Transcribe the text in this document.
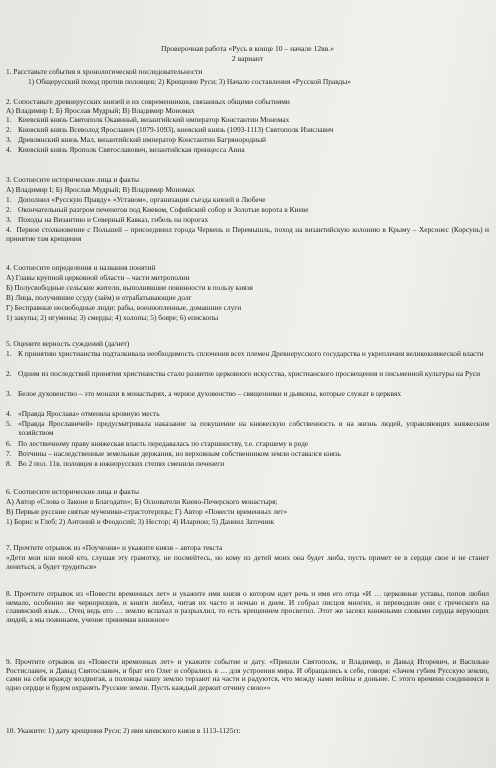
Проверочная работа «Русь в конце 10 – начале 12вв.»
2 вариант
1. Расставьте события в хронологической последовательности
1) Общерусский поход против половцев; 2) Крещение Руси; 3) Начало составления «Русской Правды»
2. Сопоставьте древнерусских князей и их современников, связанных общими событиями
А) Владимир I; Б) Ярослав Мудрый; В) Владимир Мономах
1. Киевский князь Святополк Окаянный, византийский император Константин Мономах
2. Киевский князь Всеволод Ярославич (1079-1093), киевский князь (1093-1113) Святополк Изяславич
3. Древлянский князь Мал, византийский император Константин Багрянородный
4. Киевский князь Ярополк Святославович, византийская принцесса Анна
3. Соотнесите исторические лица и факты
А) Владимир I; Б) Ярослав Мудрый; В) Владимир Мономах
1. Дополнил «Русскую Правду» «Уставом», организация съезда князей в Любече
2. Окончательный разгром печенегов под Киевом, Софийский собор и Золотые ворота в Киеве
3. Походы на Византию и Северный Кавказ, гибель на порогах
4. Первое столкновение с Польшей – присоединил города Червень и Перемышль, поход на византийскую колонию в Крыму – Херсонес (Корсунь) и принятие там крещения
4. Соотнесите определения и названия понятий
А) Главы крупной церковной области – части митрополии
Б) Полусвободные сельские жители, выполнявшие повинности в пользу князя
В) Лица, получившие ссуду (заём) и отрабатывающие долг
Г) Бесправные несвободные люди: рабы, военнопленные, домашние слуги
1) закупы; 2) игумены; 3) смерды; 4) холопы; 5) бояре; 6) епископы
5. Оцените верность суждений (да/нет)
1. К принятию христианства подталкивала необходимость сплочения всех племен Древнерусского государства и укрепления великокняжеской власти
2. Одним из последствий принятия христианства стало развитие церковного искусства, христианского просвещения и письменной культуры на Руси
3. Белое духовенство – это монахи в монастырях, а черное духовенство – священники и дьяконы, которые служат в церквях
4. «Правда Ярослава» отменяла кровную месть
5. «Правда Ярославичей» предусматривала наказание за покушение на княжескую собственность и на жизнь людей, управляющих княжеским хозяйством
6. По лествичному праву княжеская власть передавалась по старшинству, т.е. старшему в роде
7. Вотчины – наследственные земельные держания, но верховным собственником земли оставался князь
8. Во 2 пол. 11в. половцев в южнорусских степях сменили печенеги
6. Соотнесите исторические лица и факты
А) Автор «Слова о Законе и Благодати»; Б) Основатели Киево-Печерского монастыря;
В) Первые русские святые мученики-страстотерпцы; Г) Автор «Повести временных лет»
1) Борис и Глеб; 2) Антоний и Феодосий; 3) Нестор; 4) Иларион; 5) Даниил Заточник
7. Прочтите отрывок из «Поучения» и укажите князя – автора текста
«Дети мои или иной кто, слушая эту грамотку, не посмейтесь, но кому из детей моих она будет люба, пусть примет ее в сердце свое и не станет лениться, а будет трудиться»
8. Прочтите отрывок из «Повести временных лет» и укажите имя князя о котором идет речь и имя его отца «И … церковные уставы, попов любил немало, особенно же черноризцев, и книги любил, читая их часто и ночью и днем. И собрал писцов многих, и переводили они с греческого на славянский язык… Отец ведь его … землю вспахал и разрыхлил, то есть крещением просветил. Этот же засеял книжными словами сердца верующих людей, а мы пожинаем, учение принимая книжное»
9. Прочтите отрывок из «Повести временных лет» и укажите событие и дату. «Пришли Святополк, и Владимир, и Давыд Игоревич, и Васильке Ростиславич, и Давыд Святославич, и брат его Олег и собрались в … для устроения мира. И обращались к себе, говоря: «Зачем губим Русскую землю, сами на себя вражду воздвигая, а половцы нашу землю терзают на части и радуются, что между нами войны и доныне. С этого времени соединимся в одно сердце и будем охранять Русские земли. Пусть каждый держит отчину свою»»
10. Укажите: 1) дату крещения Руси; 2) имя киевского князя в 1113-1125гг.
